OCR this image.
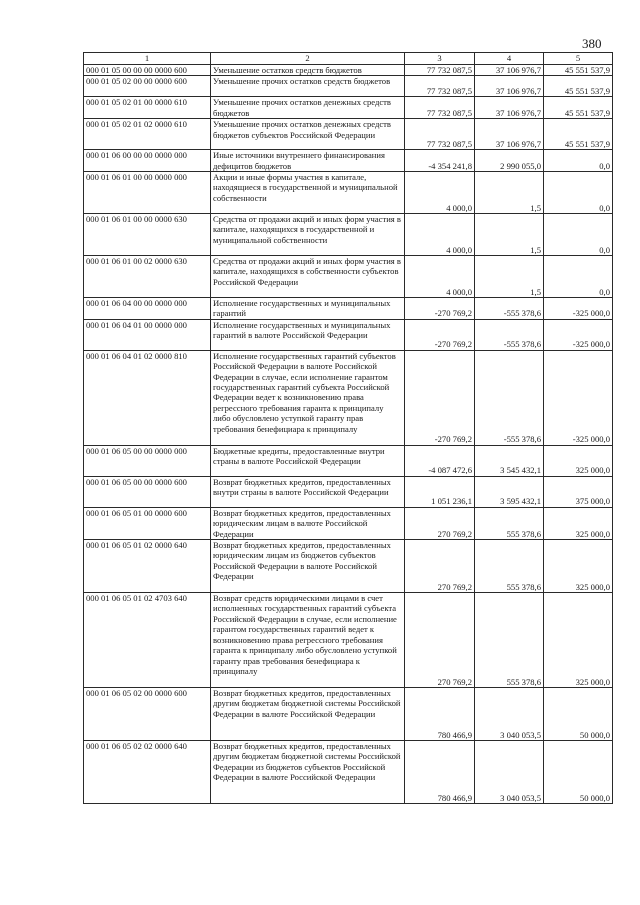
380
1	2	3	4	5
000 01 05 00 00 00 0000 600	Уменьшение остатков средств бюджетов	77 732 087,5	37 106 976,7	45 551 537,9
000 01 05 02 00 00 0000 600	Уменьшение прочих остатков средств бюджетов	77 732 087,5	37 106 976,7	45 551 537,9
000 01 05 02 01 00 0000 610	Уменьшение прочих остатков денежных средств бюджетов	77 732 087,5	37 106 976,7	45 551 537,9
000 01 05 02 01 02 0000 610	Уменьшение прочих остатков денежных средств бюджетов субъектов Российской Федерации	77 732 087,5	37 106 976,7	45 551 537,9
000 01 06 00 00 00 0000 000	Иные источники внутреннего финансирования дефицитов бюджетов	-4 354 241,8	2 990 055,0	0,0
000 01 06 01 00 00 0000 000	Акции и иные формы участия в капитале, находящиеся в государственной и муниципальной собственности	4 000,0	1,5	0,0
000 01 06 01 00 00 0000 630	Средства от продажи акций и иных форм участия в капитале, находящихся в государственной и муниципальной собственности	4 000,0	1,5	0,0
000 01 06 01 00 02 0000 630	Средства от продажи акций и иных форм участия в капитале, находящихся в собственности субъектов Российской Федерации	4 000,0	1,5	0,0
000 01 06 04 00 00 0000 000	Исполнение государственных и муниципальных гарантий	-270 769,2	-555 378,6	-325 000,0
000 01 06 04 01 00 0000 000	Исполнение государственных и муниципальных гарантий в валюте Российской Федерации	-270 769,2	-555 378,6	-325 000,0
000 01 06 04 01 02 0000 810	Исполнение государственных гарантий субъектов Российской Федерации в валюте Российской Федерации в случае, если исполнение гарантом государственных гарантий субъекта Российской Федерации ведет к возникновению права регрессного требования гаранта к принципалу либо обусловлено уступкой гаранту прав требования бенефициара к принципалу	-270 769,2	-555 378,6	-325 000,0
000 01 06 05 00 00 0000 000	Бюджетные кредиты, предоставленные внутри страны в валюте Российской Федерации	-4 087 472,6	3 545 432,1	325 000,0
000 01 06 05 00 00 0000 600	Возврат бюджетных кредитов, предоставленных внутри страны в валюте Российской Федерации	1 051 236,1	3 595 432,1	375 000,0
000 01 06 05 01 00 0000 600	Возврат бюджетных кредитов, предоставленных юридическим лицам в валюте Российской Федерации	270 769,2	555 378,6	325 000,0
000 01 06 05 01 02 0000 640	Возврат бюджетных кредитов, предоставленных юридическим лицам из бюджетов субъектов Российской Федерации в валюте Российской Федерации	270 769,2	555 378,6	325 000,0
000 01 06 05 01 02 4703 640	Возврат средств юридическими лицами в счет исполненных государственных гарантий субъекта Российской Федерации в случае, если исполнение гарантом государственных гарантий ведет к возникновению права регрессного требования гаранта к принципалу либо обусловлено уступкой гаранту прав требования бенефициара к принципалу	270 769,2	555 378,6	325 000,0
000 01 06 05 02 00 0000 600	Возврат бюджетных кредитов, предоставленных другим бюджетам бюджетной системы Российской Федерации в валюте Российской Федерации	780 466,9	3 040 053,5	50 000,0
000 01 06 05 02 02 0000 640	Возврат бюджетных кредитов, предоставленных другим бюджетам бюджетной системы Российской Федерации из бюджетов субъектов Российской Федерации в валюте Российской Федерации	780 466,9	3 040 053,5	50 000,0
